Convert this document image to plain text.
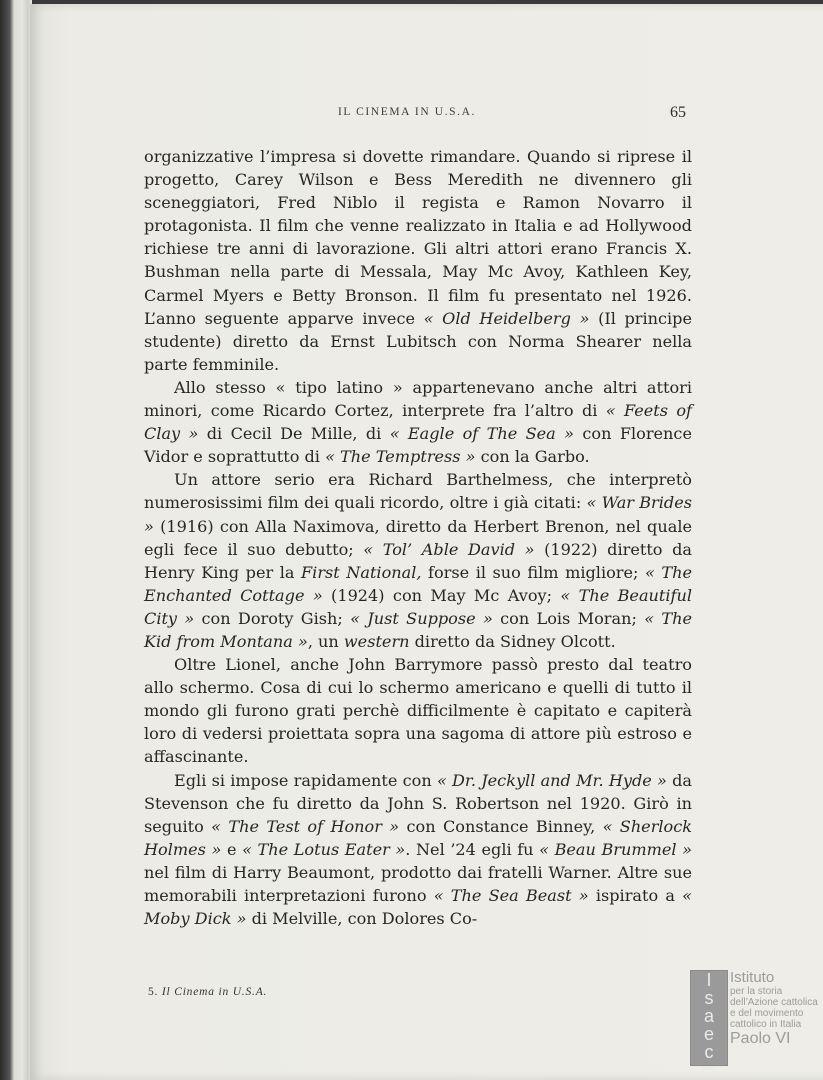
IL CINEMA IN U.S.A.	65

organizzative l’impresa si dovette rimandare. Quando si riprese il progetto, Carey Wilson e Bess Meredith ne divennero gli sceneggiatori, Fred Niblo il regista e Ramon Novarro il protagonista. Il film che venne realizzato in Italia e ad Hollywood richiese tre anni di lavorazione. Gli altri attori erano Francis X. Bushman nella parte di Messala, May Mc Avoy, Kathleen Key, Carmel Myers e Betty Bronson. Il film fu presentato nel 1926. L’anno seguente apparve invece « Old Heidelberg » (Il principe studente) diretto da Ernst Lubitsch con Norma Shearer nella parte femminile.

Allo stesso « tipo latino » appartenevano anche altri attori minori, come Ricardo Cortez, interprete fra l’altro di « Feets of Clay » di Cecil De Mille, di « Eagle of The Sea » con Florence Vidor e soprattutto di « The Temptress » con la Garbo.

Un attore serio era Richard Barthelmess, che interpretò numerosissimi film dei quali ricordo, oltre i già citati: « War Brides » (1916) con Alla Naximova, diretto da Herbert Brenon, nel quale egli fece il suo debutto; « Tol’ Able David » (1922) diretto da Henry King per la First National, forse il suo film migliore; « The Enchanted Cottage » (1924) con May Mc Avoy; « The Beautiful City » con Doroty Gish; « Just Suppose » con Lois Moran; « The Kid from Montana », un western diretto da Sidney Olcott.

Oltre Lionel, anche John Barrymore passò presto dal teatro allo schermo. Cosa di cui lo schermo americano e quelli di tutto il mondo gli furono grati perchè difficilmente è capitato e capiterà loro di vedersi proiettata sopra una sagoma di attore più estroso e affascinante.

Egli si impose rapidamente con « Dr. Jeckyll and Mr. Hyde » da Stevenson che fu diretto da John S. Robertson nel 1920. Girò in seguito « The Test of Honor » con Constance Binney, « Sherlock Holmes » e « The Lotus Eater ». Nel ’24 egli fu « Beau Brummel » nel film di Harry Beaumont, prodotto dai fratelli Warner. Altre sue memorabili interpretazioni furono « The Sea Beast » ispirato a « Moby Dick » di Melville, con Dolores Co-

5. Il Cinema in U.S.A.
I
s
a
e
c
m
Istituto
per la storia
dell’Azione cattolica
e del movimento
cattolico in Italia
Paolo VI
